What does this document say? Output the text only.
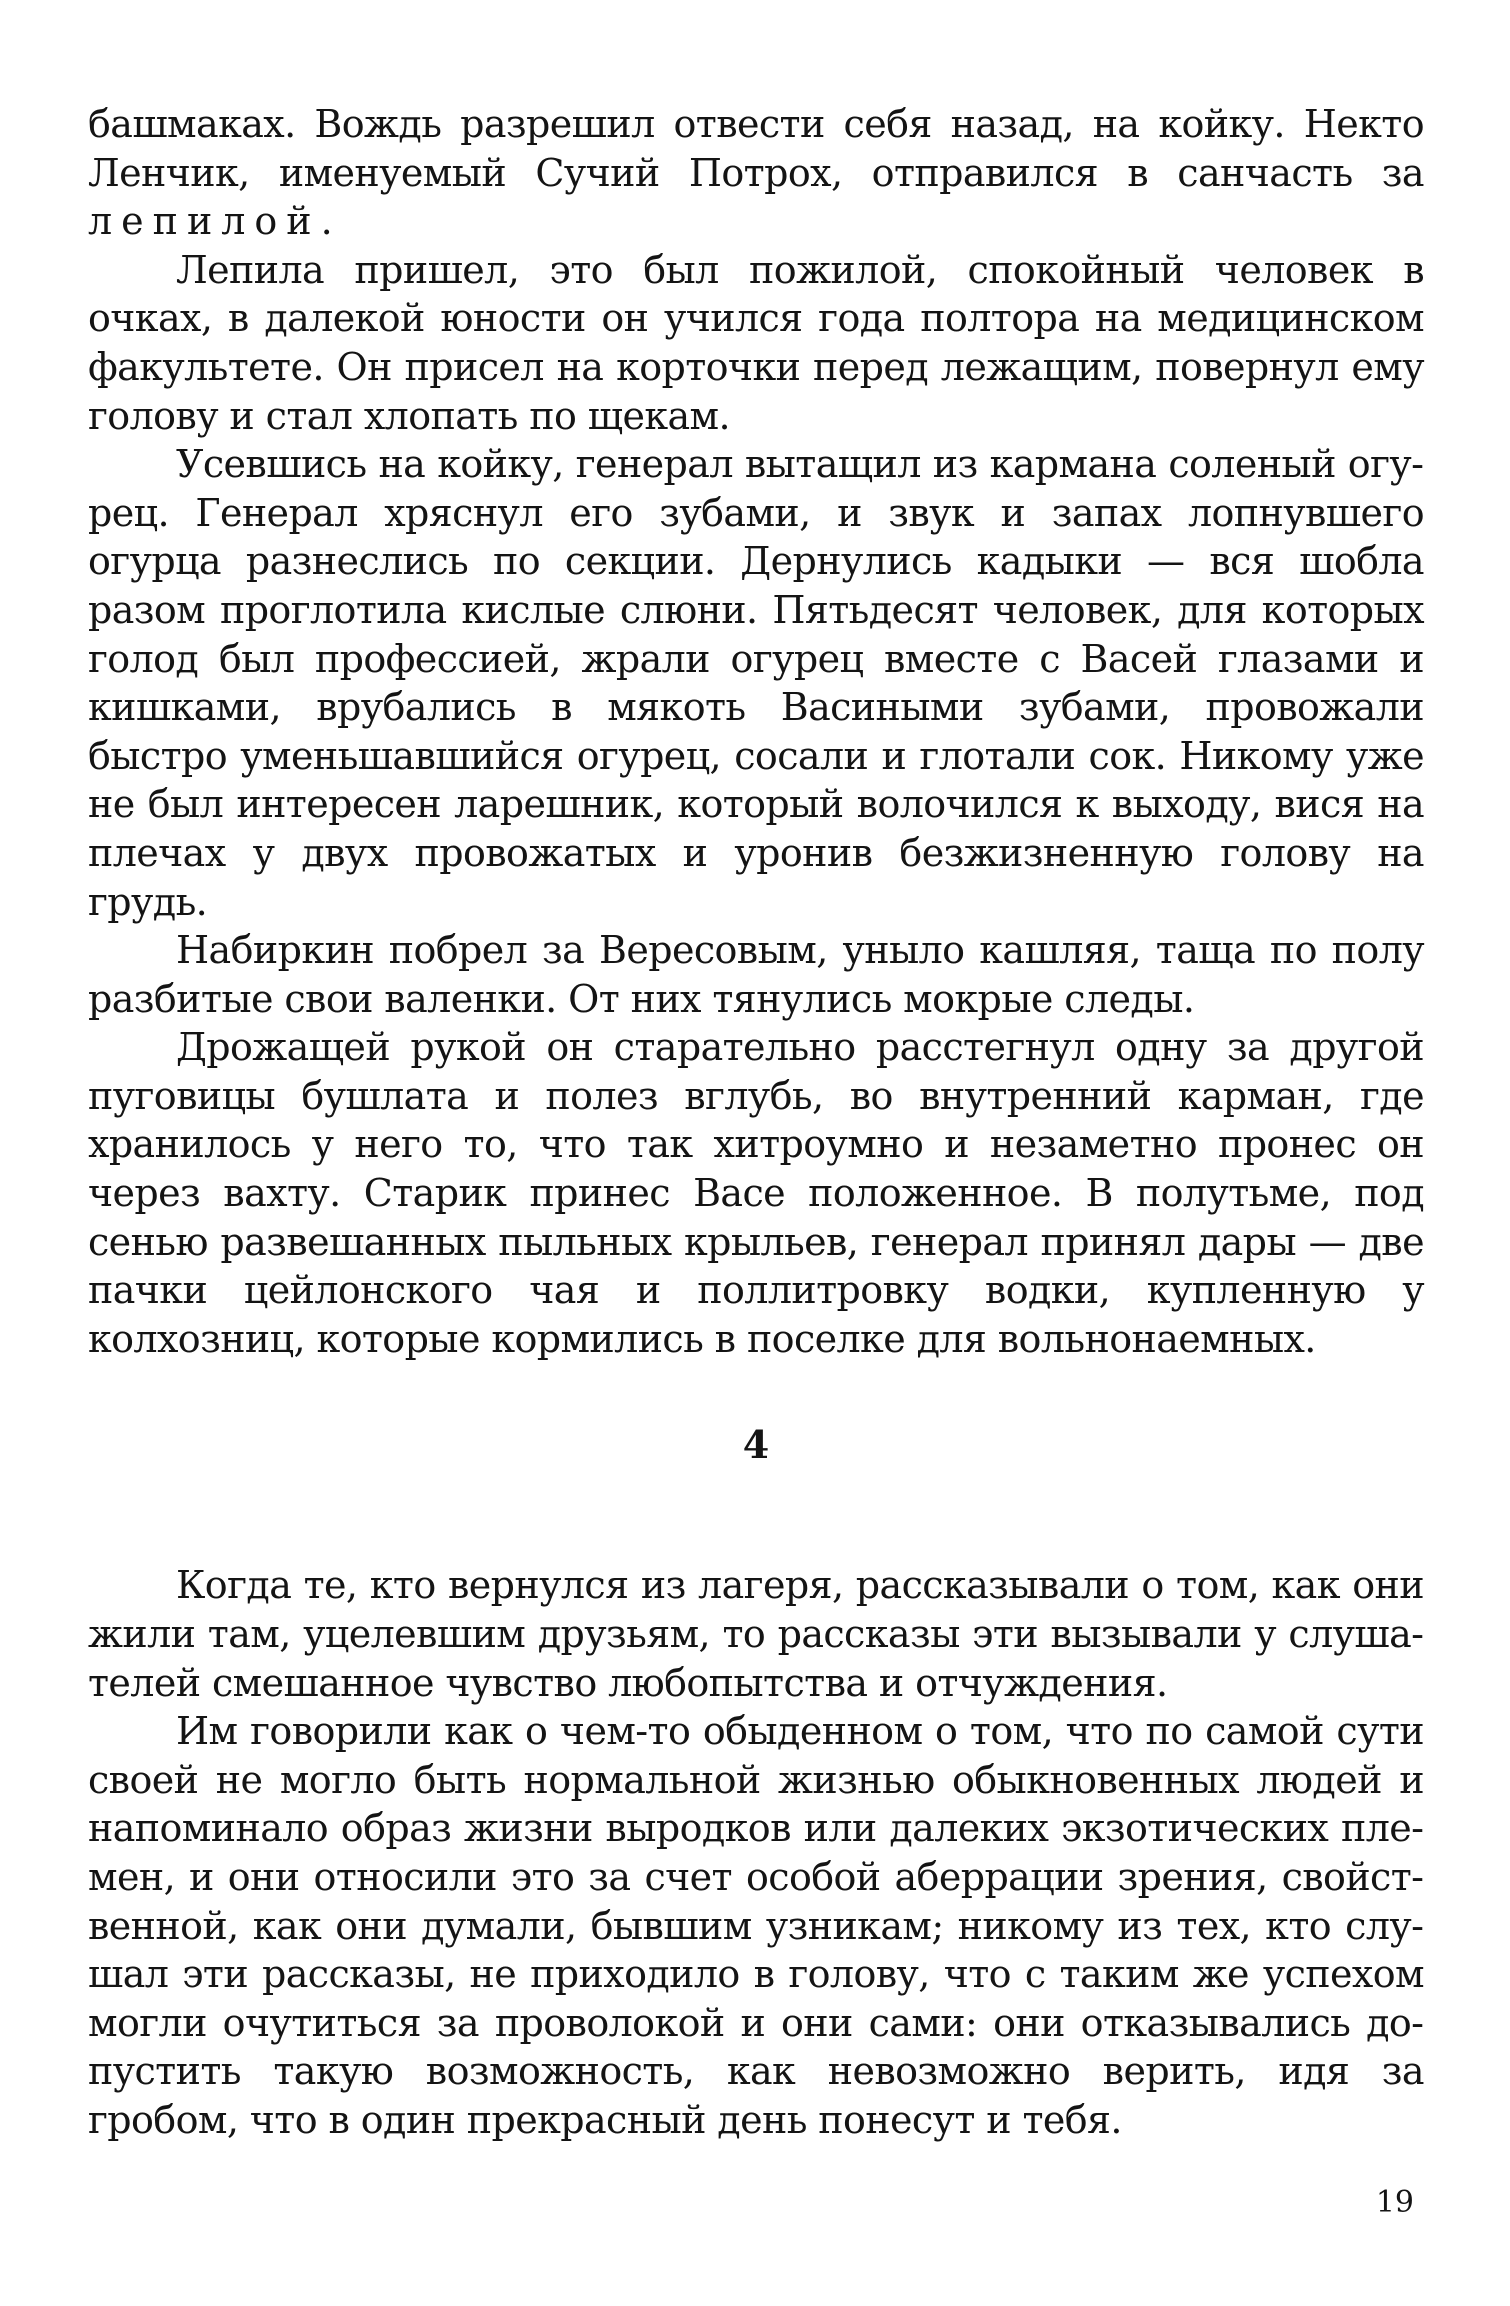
башмаках. Вождь разрешил отвести себя назад, на койку. Некто Ленчик, именуемый Сучий Потрох, отправился в санчасть за лепилой.

Лепила пришел, это был пожилой, спокойный человек в очках, в далекой юности он учился года полтора на медицинском факультете. Он присел на корточки перед лежащим, повернул ему голову и стал хлопать по щекам.

Усевшись на койку, генерал вытащил из кармана соленый огурец. Генерал хряснул его зубами, и звук и запах лопнувшего огурца разнеслись по секции. Дернулись кадыки — вся шобла разом проглотила кислые слюни. Пятьдесят человек, для которых голод был профессией, жрали огурец вместе с Васей глазами и кишками, врубались в мякоть Васиными зубами, провожали быстро уменьшавшийся огурец, сосали и глотали сок. Никому уже не был интересен ларешник, который волочился к выходу, вися на плечах у двух провожатых и уронив безжизненную голову на грудь.

Набиркин побрел за Вересовым, уныло кашляя, таща по полу разбитые свои валенки. От них тянулись мокрые следы.

Дрожащей рукой он старательно расстегнул одну за другой пуговицы бушлата и полез вглубь, во внутренний карман, где хранилось у него то, что так хитроумно и незаметно пронес он через вахту. Старик принес Васе положенное. В полутьме, под сенью развешанных пыльных крыльев, генерал принял дары — две пачки цейлонского чая и поллитровку водки, купленную у колхозниц, которые кормились в поселке для вольнонаемных.

4

Когда те, кто вернулся из лагеря, рассказывали о том, как они жили там, уцелевшим друзьям, то рассказы эти вызывали у слушателей смешанное чувство любопытства и отчуждения.

Им говорили как о чем-то обыденном о том, что по самой сути своей не могло быть нормальной жизнью обыкновенных людей и напоминало образ жизни выродков или далеких экзотических племен, и они относили это за счет особой аберрации зрения, свойственной, как они думали, бывшим узникам; никому из тех, кто слушал эти рассказы, не приходило в голову, что с таким же успехом могли очутиться за проволокой и они сами: они отказывались допустить такую возможность, как невозможно верить, идя за гробом, что в один прекрасный день понесут и тебя.

19
